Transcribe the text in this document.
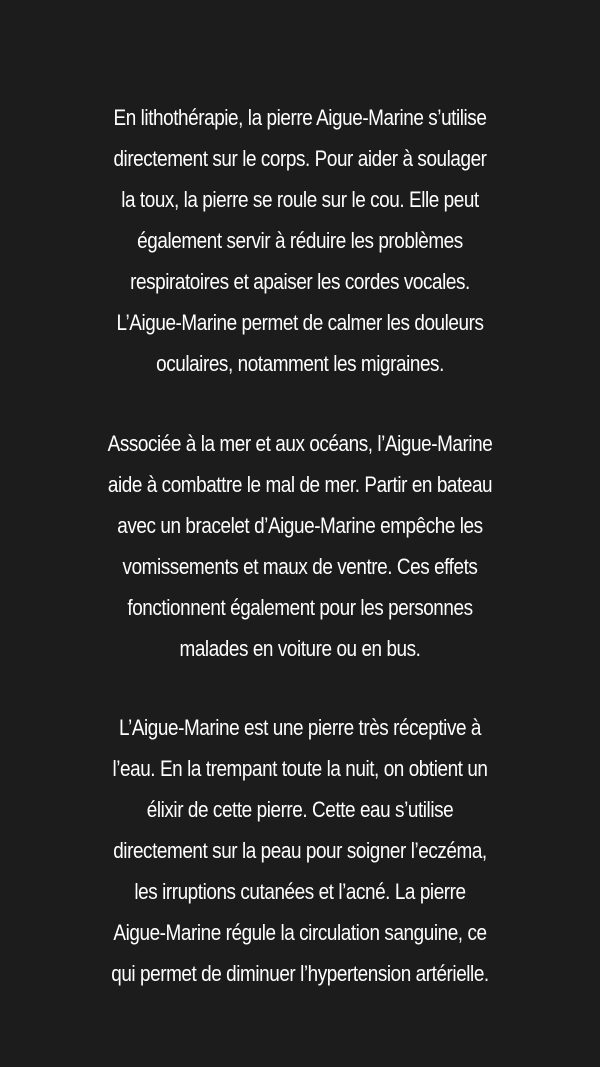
En lithothérapie, la pierre Aigue-Marine s’utilise
directement sur le corps. Pour aider à soulager
la toux, la pierre se roule sur le cou. Elle peut
également servir à réduire les problèmes
respiratoires et apaiser les cordes vocales.
L’Aigue-Marine permet de calmer les douleurs
oculaires, notamment les migraines.
Associée à la mer et aux océans, l’Aigue-Marine
aide à combattre le mal de mer. Partir en bateau
avec un bracelet d’Aigue-Marine empêche les
vomissements et maux de ventre. Ces effets
fonctionnent également pour les personnes
malades en voiture ou en bus.
L’Aigue-Marine est une pierre très réceptive à
l’eau. En la trempant toute la nuit, on obtient un
élixir de cette pierre. Cette eau s’utilise
directement sur la peau pour soigner l’eczéma,
les irruptions cutanées et l’acné. La pierre
Aigue-Marine régule la circulation sanguine, ce
qui permet de diminuer l’hypertension artérielle.
